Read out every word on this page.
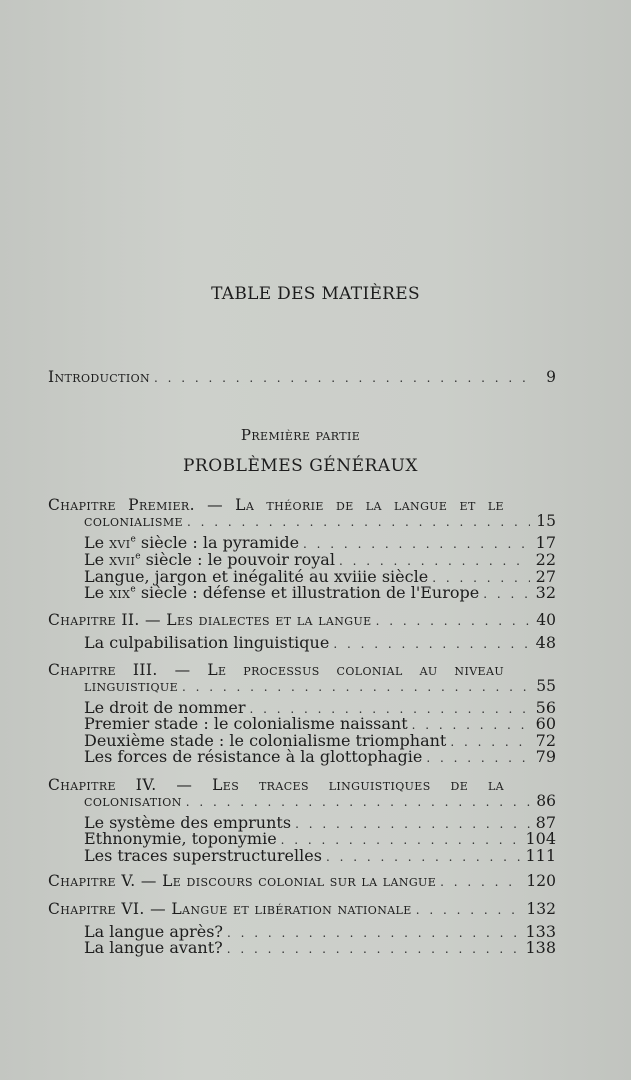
TABLE DES MATIÈRES
Introduction . . .	9
Première partie
PROBLÈMES GÉNÉRAUX
Chapitre Premier. — La théorie de la langue et le
colonialisme . . .	15
Le xvi$^e$ siècle : la pyramide . . .	17
Le xvii$^e$ siècle : le pouvoir royal . . .	22
Langue, jargon et inégalité au xviiie siècle . . .	27
Le xix$^e$ siècle : défense et illustration de l'Europe . . .	32
Chapitre II. — Les dialectes et la langue . . .	40
La culpabilisation linguistique . . .	48
Chapitre III. — Le processus colonial au niveau
linguistique . . .	55
Le droit de nommer . . .	56
Premier stade : le colonialisme naissant . . .	60
Deuxième stade : le colonialisme triomphant . . .	72
Les forces de résistance à la glottophagie . . .	79
Chapitre IV. — Les traces linguistiques de la
colonisation . . .	86
Le système des emprunts . . .	87
Ethnonymie, toponymie . . .	104
Les traces superstructurelles . . .	111
Chapitre V. — Le discours colonial sur la langue . . .	120
Chapitre VI. — Langue et libération nationale . . .	132
La langue après? . . .	133
La langue avant? . . .	138
